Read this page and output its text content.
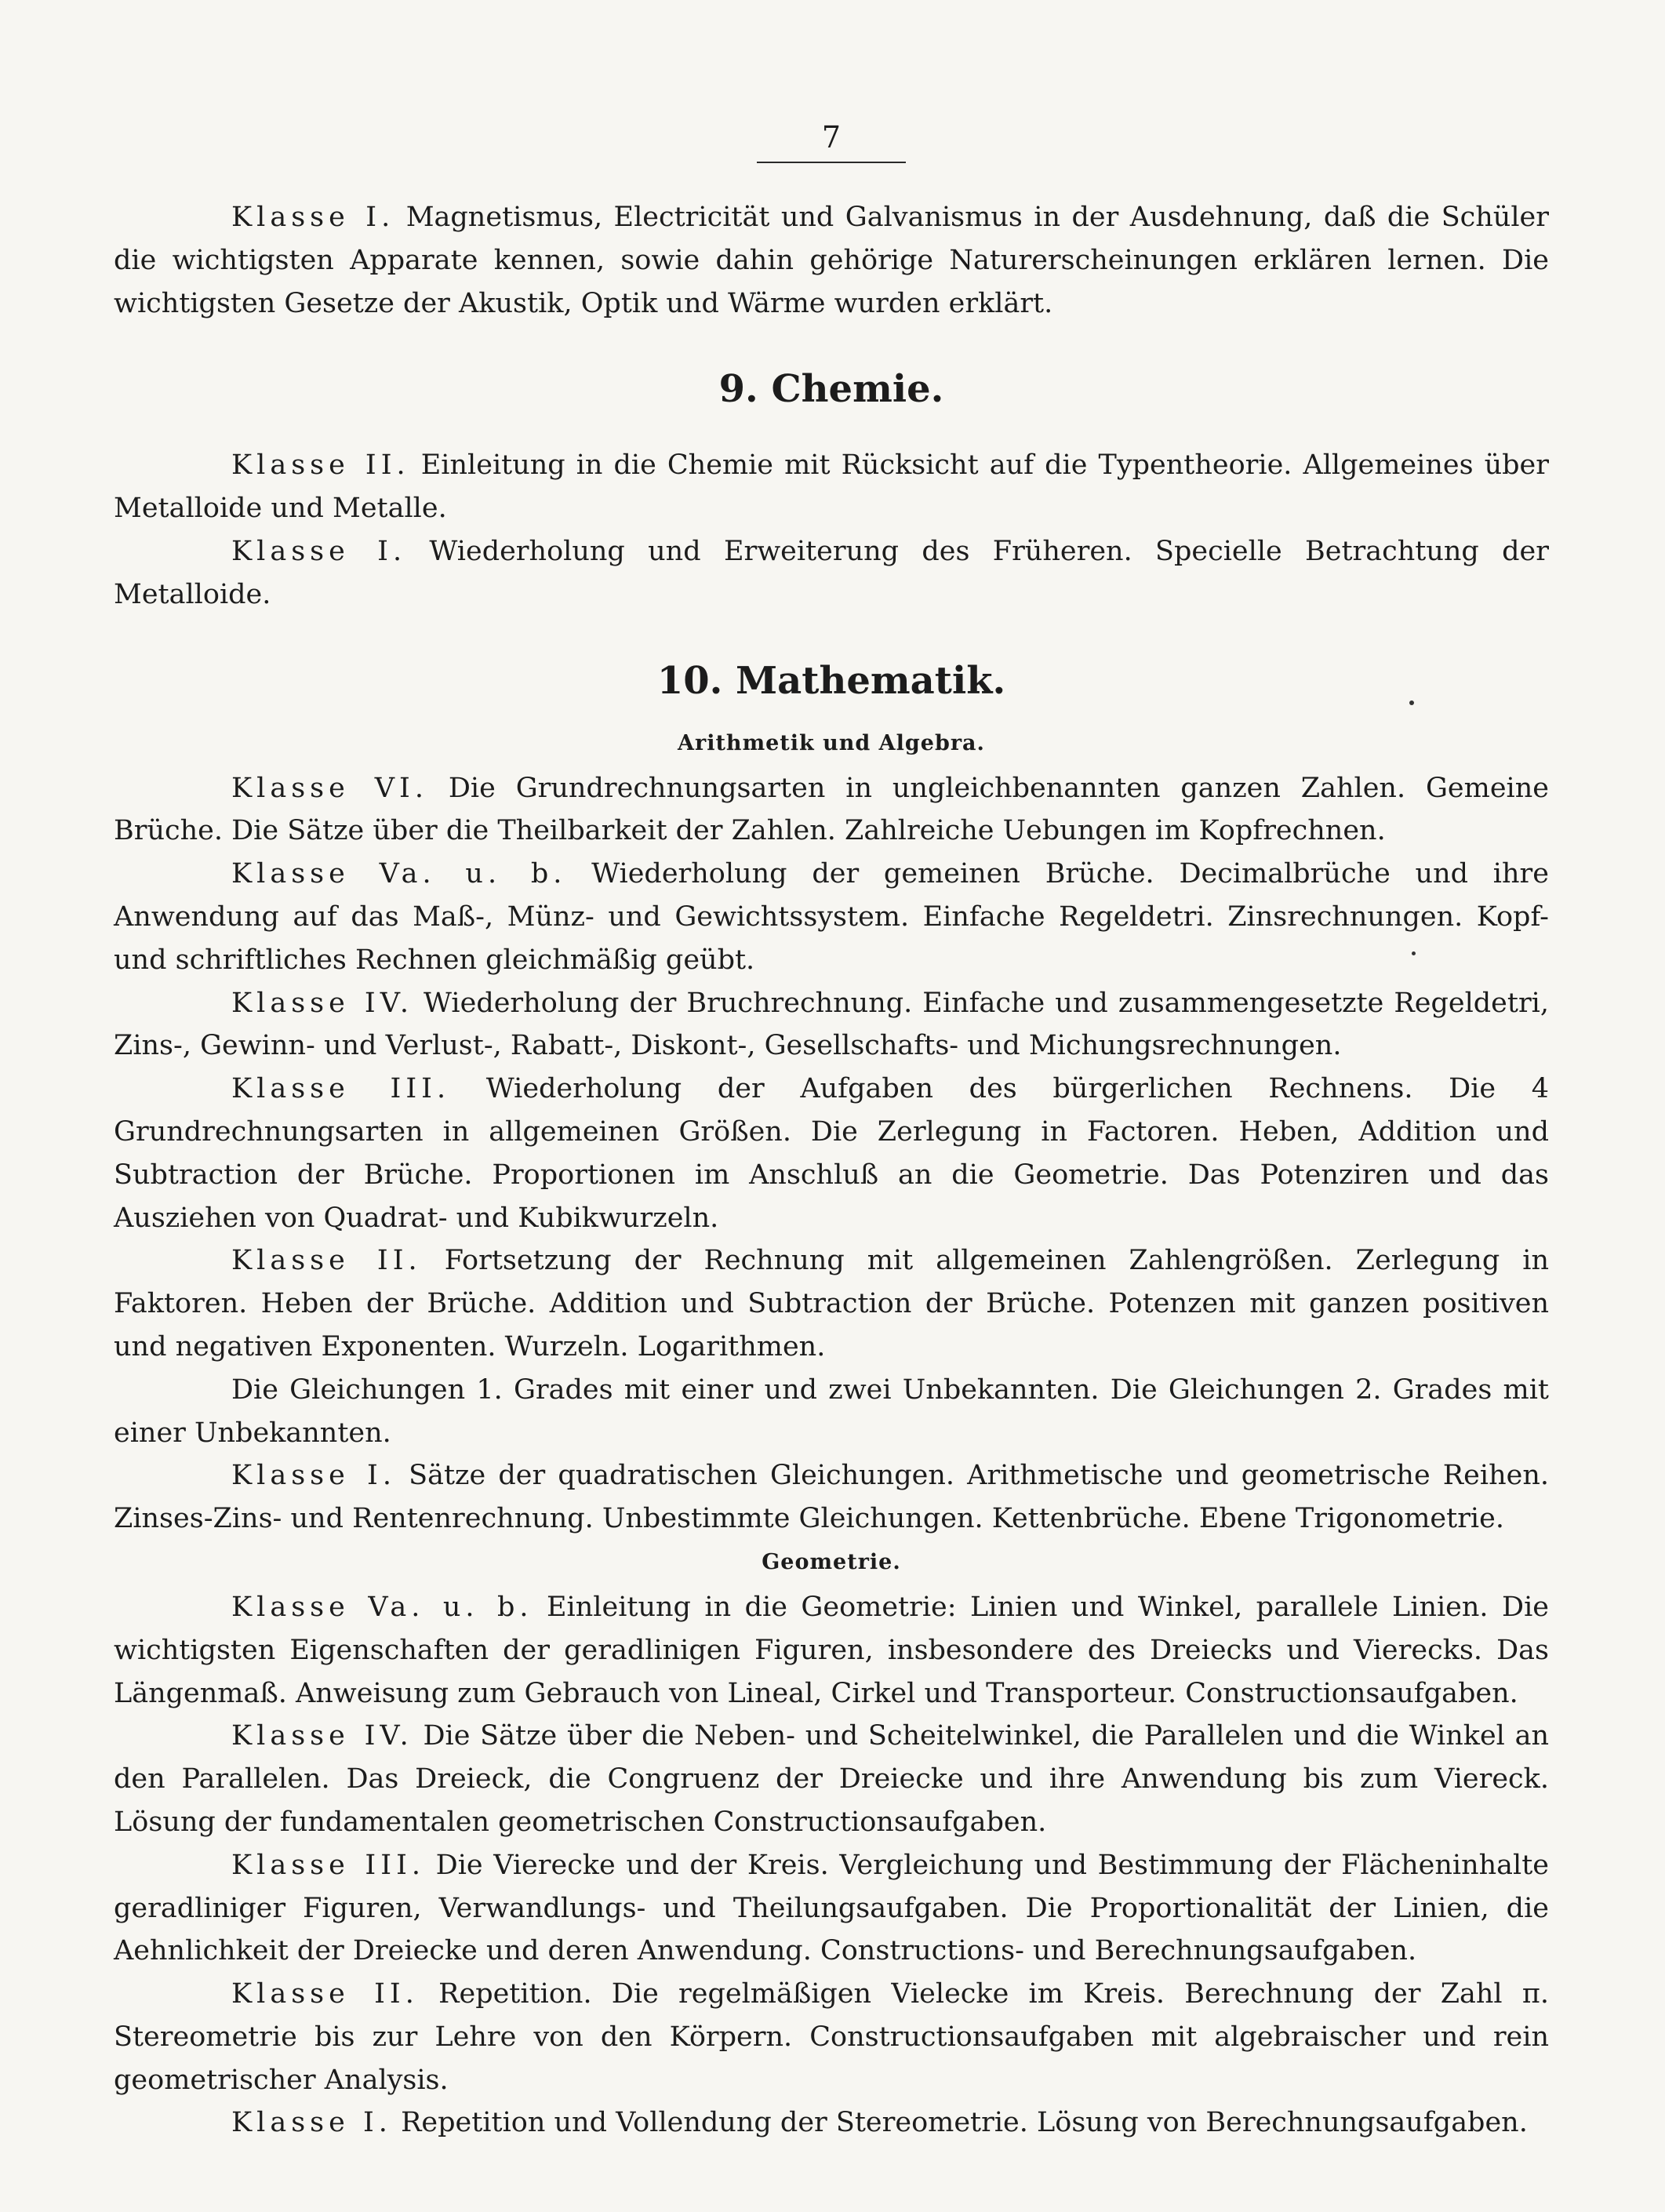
7

Klasse I. Magnetismus, Electricität und Galvanismus in der Ausdehnung, daß die Schüler die wichtigsten Apparate kennen, sowie dahin gehörige Naturerscheinungen erklären lernen. Die wichtigsten Gesetze der Akustik, Optik und Wärme wurden erklärt.

9. Chemie.

Klasse II. Einleitung in die Chemie mit Rücksicht auf die Typentheorie. Allgemeines über Metalloide und Metalle.

Klasse I. Wiederholung und Erweiterung des Früheren. Specielle Betrachtung der Metalloide.

10. Mathematik.
Arithmetik und Algebra.

Klasse VI. Die Grundrechnungsarten in ungleichbenannten ganzen Zahlen. Gemeine Brüche. Die Sätze über die Theilbarkeit der Zahlen. Zahlreiche Uebungen im Kopfrechnen.

Klasse Va. u. b. Wiederholung der gemeinen Brüche. Decimalbrüche und ihre Anwendung auf das Maß-, Münz- und Gewichtssystem. Einfache Regeldetri. Zinsrechnungen. Kopf- und schriftliches Rechnen gleichmäßig geübt.

Klasse IV. Wiederholung der Bruchrechnung. Einfache und zusammengesetzte Regeldetri, Zins-, Gewinn- und Verlust-, Rabatt-, Diskont-, Gesellschafts- und Michungsrechnungen.

Klasse III. Wiederholung der Aufgaben des bürgerlichen Rechnens. Die 4 Grundrechnungsarten in allgemeinen Größen. Die Zerlegung in Factoren. Heben, Addition und Subtraction der Brüche. Proportionen im Anschluß an die Geometrie. Das Potenziren und das Ausziehen von Quadrat- und Kubikwurzeln.

Klasse II. Fortsetzung der Rechnung mit allgemeinen Zahlengrößen. Zerlegung in Faktoren. Heben der Brüche. Addition und Subtraction der Brüche. Potenzen mit ganzen positiven und negativen Exponenten. Wurzeln. Logarithmen.

Die Gleichungen 1. Grades mit einer und zwei Unbekannten. Die Gleichungen 2. Grades mit einer Unbekannten.

Klasse I. Sätze der quadratischen Gleichungen. Arithmetische und geometrische Reihen. Zinses-Zins- und Rentenrechnung. Unbestimmte Gleichungen. Kettenbrüche. Ebene Trigonometrie.

Geometrie.

Klasse Va. u. b. Einleitung in die Geometrie: Linien und Winkel, parallele Linien. Die wichtigsten Eigenschaften der geradlinigen Figuren, insbesondere des Dreiecks und Vierecks. Das Längenmaß. Anweisung zum Gebrauch von Lineal, Cirkel und Transporteur. Constructionsaufgaben.

Klasse IV. Die Sätze über die Neben- und Scheitelwinkel, die Parallelen und die Winkel an den Parallelen. Das Dreieck, die Congruenz der Dreiecke und ihre Anwendung bis zum Viereck. Lösung der fundamentalen geometrischen Constructionsaufgaben.

Klasse III. Die Vierecke und der Kreis. Vergleichung und Bestimmung der Flächeninhalte geradliniger Figuren, Verwandlungs- und Theilungsaufgaben. Die Proportionalität der Linien, die Aehnlichkeit der Dreiecke und deren Anwendung. Constructions- und Berechnungsaufgaben.

Klasse II. Repetition. Die regelmäßigen Vielecke im Kreis. Berechnung der Zahl π. Stereometrie bis zur Lehre von den Körpern. Constructionsaufgaben mit algebraischer und rein geometrischer Analysis.

Klasse I. Repetition und Vollendung der Stereometrie. Lösung von Berechnungsaufgaben.
